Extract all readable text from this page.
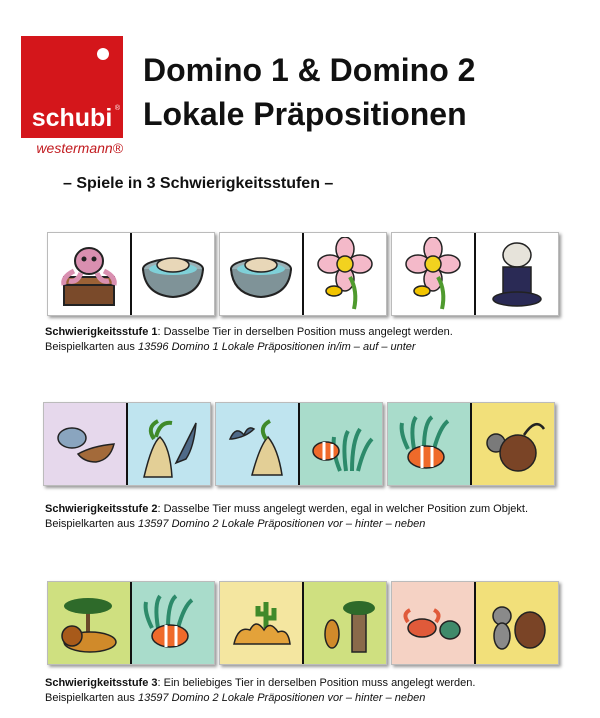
schubi ®
westermann®
Domino 1 & Domino 2
Lokale Präpositionen
– Spiele in 3 Schwierigkeitsstufen –
Schwierigkeitsstufe 1: Dasselbe Tier in derselben Position muss angelegt werden.
Beispielkarten aus 13596 Domino 1 Lokale Präpositionen in/im – auf – unter
Schwierigkeitsstufe 2: Dasselbe Tier muss angelegt werden, egal in welcher Position zum Objekt.
Beispielkarten aus 13597 Domino 2 Lokale Präpositionen vor – hinter – neben
Schwierigkeitsstufe 3: Ein beliebiges Tier in derselben Position muss angelegt werden.
Beispielkarten aus 13597 Domino 2 Lokale Präpositionen vor – hinter – neben
